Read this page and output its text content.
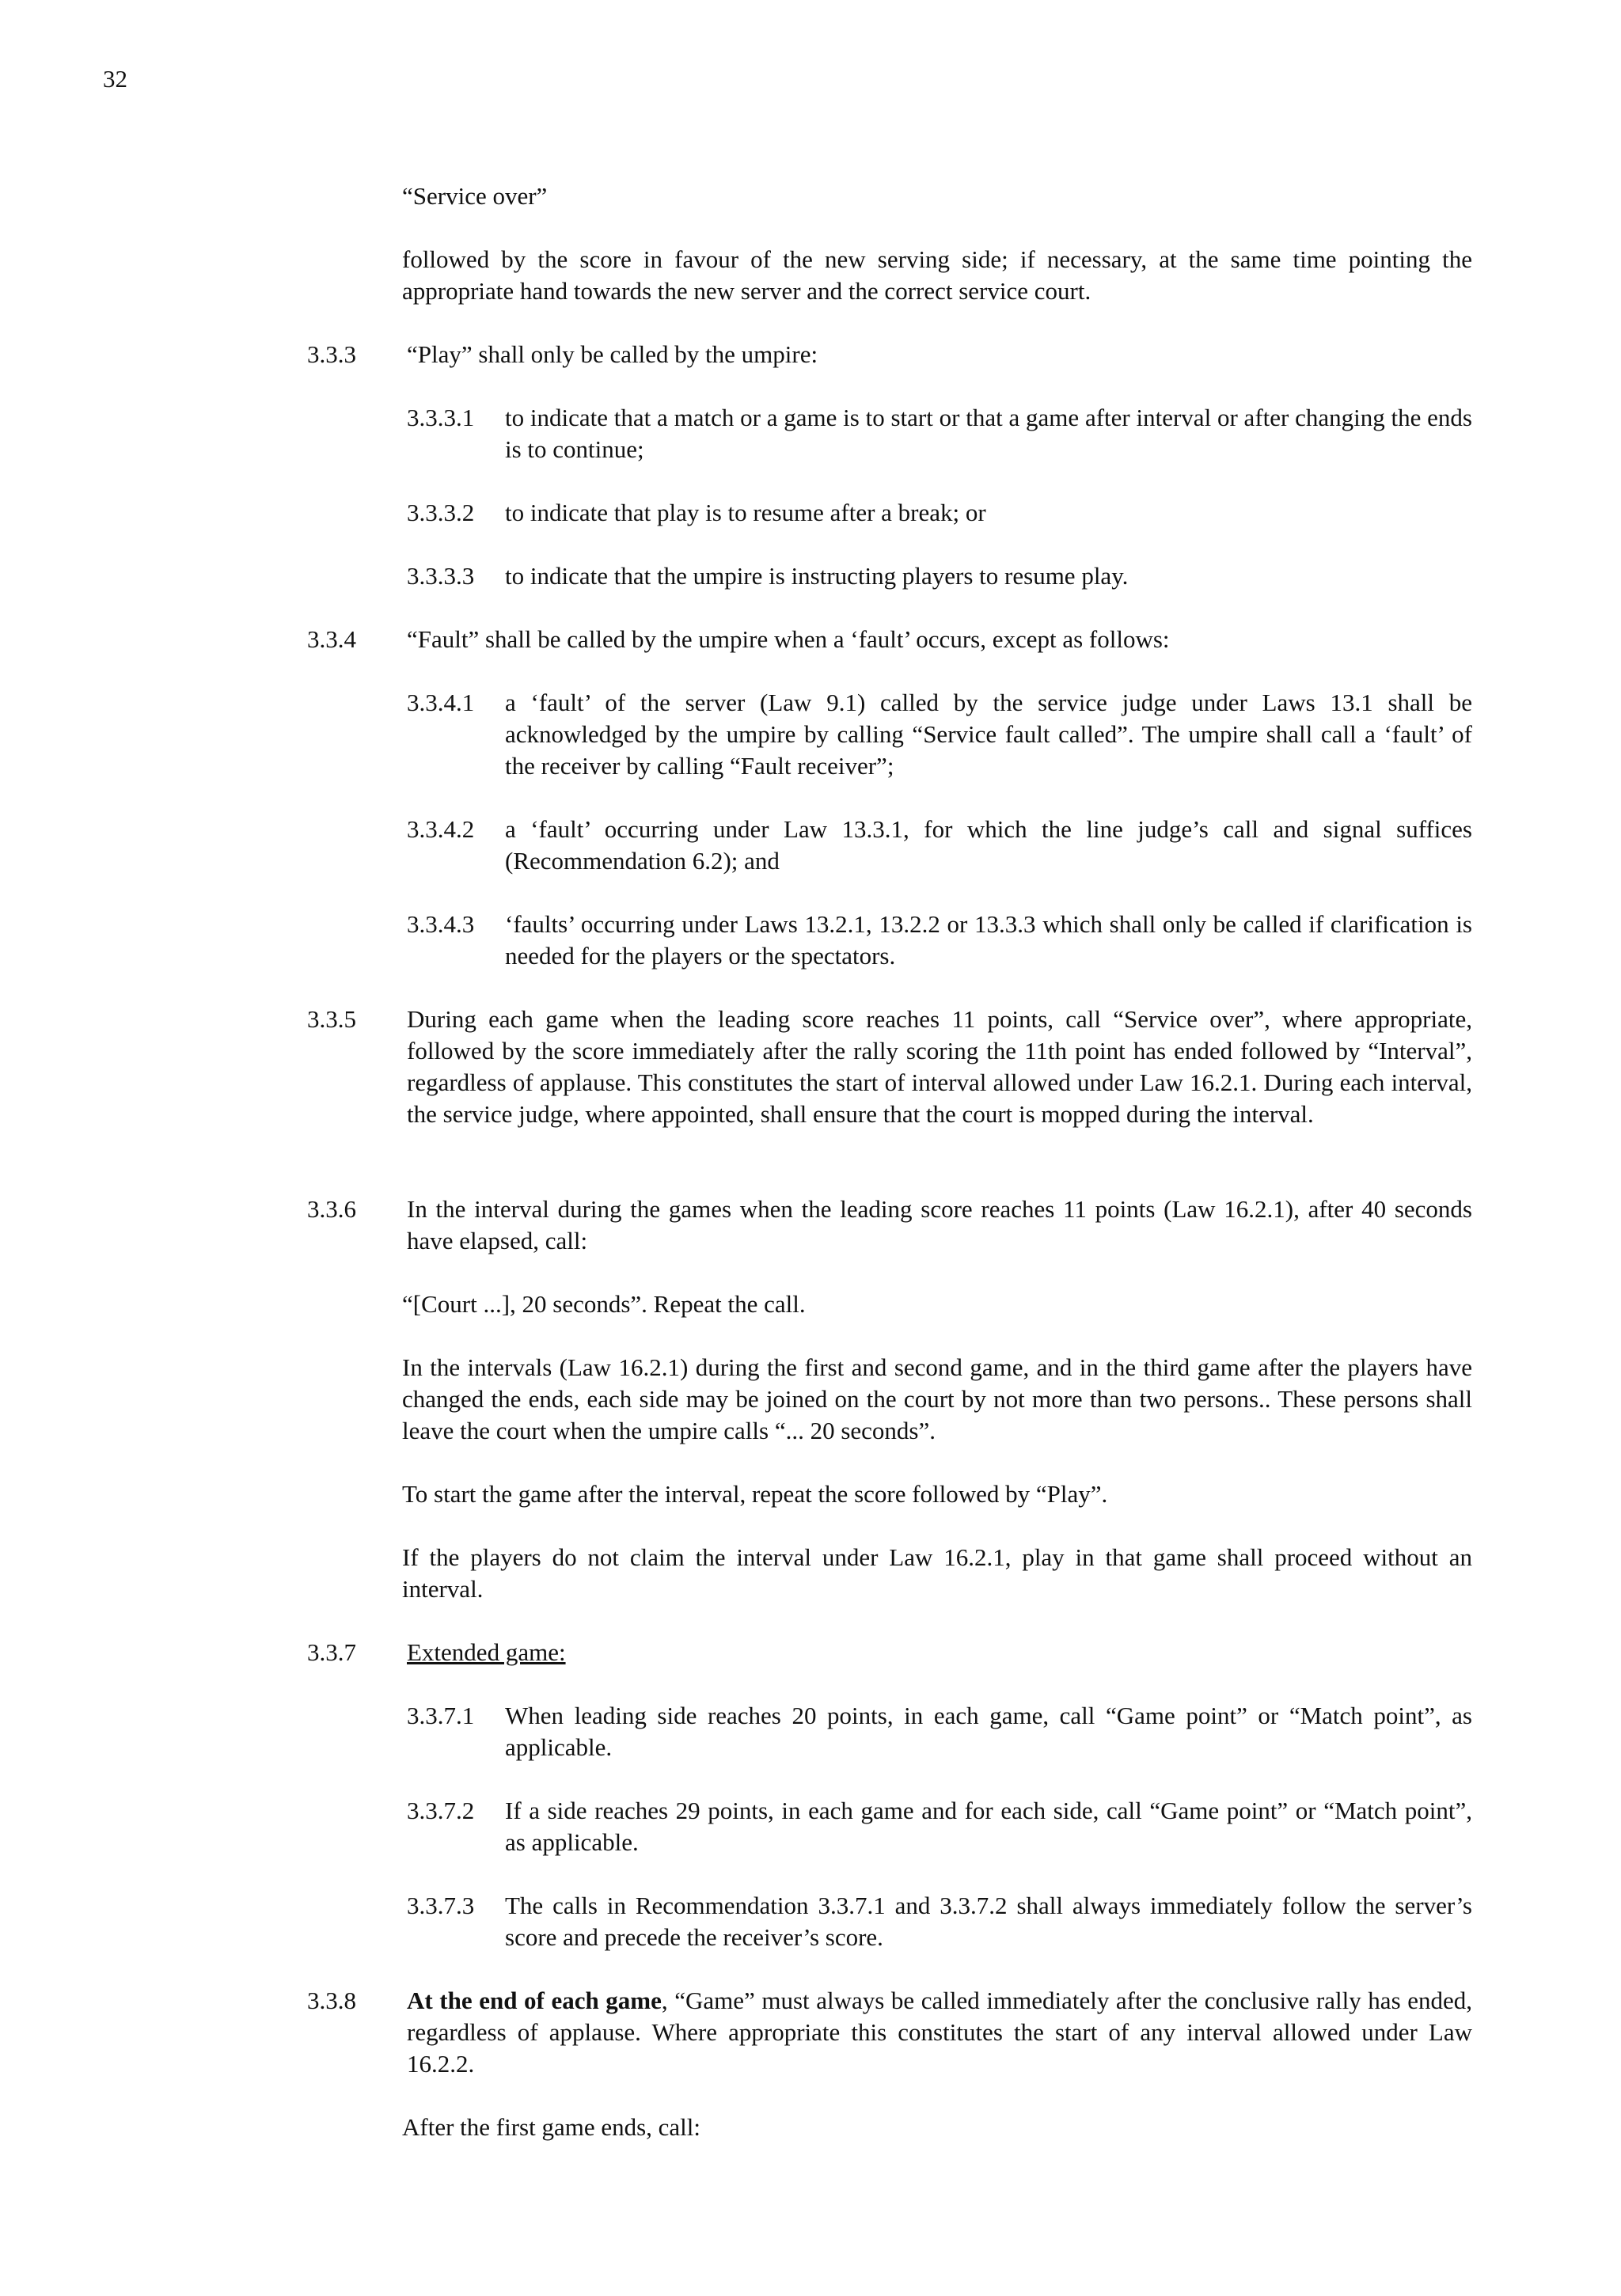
32
“Service over”
followed by the score in favour of the new serving side; if necessary, at the same time pointing the appropriate hand towards the new server and the correct service court.
3.3.3 “Play” shall only be called by the umpire:
3.3.3.1 to indicate that a match or a game is to start or that a game after interval or after changing the ends is to continue;
3.3.3.2 to indicate that play is to resume after a break; or
3.3.3.3 to indicate that the umpire is instructing players to resume play.
3.3.4 “Fault” shall be called by the umpire when a ‘fault’ occurs, except as follows:
3.3.4.1 a ‘fault’ of the server (Law 9.1) called by the service judge under Laws 13.1 shall be acknowledged by the umpire by calling “Service fault called”. The umpire shall call a ‘fault’ of the receiver by calling “Fault receiver”;
3.3.4.2 a ‘fault’ occurring under Law 13.3.1, for which the line judge’s call and signal suffices (Recommendation 6.2); and
3.3.4.3 ‘faults’ occurring under Laws 13.2.1, 13.2.2 or 13.3.3 which shall only be called if clarification is needed for the players or the spectators.
3.3.5 During each game when the leading score reaches 11 points, call “Service over”, where appropriate, followed by the score immediately after the rally scoring the 11th point has ended followed by “Interval”, regardless of applause. This constitutes the start of interval allowed under Law 16.2.1. During each interval, the service judge, where appointed, shall ensure that the court is mopped during the interval.
3.3.6 In the interval during the games when the leading score reaches 11 points (Law 16.2.1), after 40 seconds have elapsed, call:
“[Court ...], 20 seconds”. Repeat the call.
In the intervals (Law 16.2.1) during the first and second game, and in the third game after the players have changed the ends, each side may be joined on the court by not more than two persons.. These persons shall leave the court when the umpire calls “... 20 seconds”.
To start the game after the interval, repeat the score followed by “Play”.
If the players do not claim the interval under Law 16.2.1, play in that game shall proceed without an interval.
3.3.7 Extended game:
3.3.7.1 When leading side reaches 20 points, in each game, call “Game point” or “Match point”, as applicable.
3.3.7.2 If a side reaches 29 points, in each game and for each side, call “Game point” or “Match point”, as applicable.
3.3.7.3 The calls in Recommendation 3.3.7.1 and 3.3.7.2 shall always immediately follow the server’s score and precede the receiver’s score.
3.3.8 At the end of each game, “Game” must always be called immediately after the conclusive rally has ended, regardless of applause. Where appropriate this constitutes the start of any interval allowed under Law 16.2.2.
After the first game ends, call:
